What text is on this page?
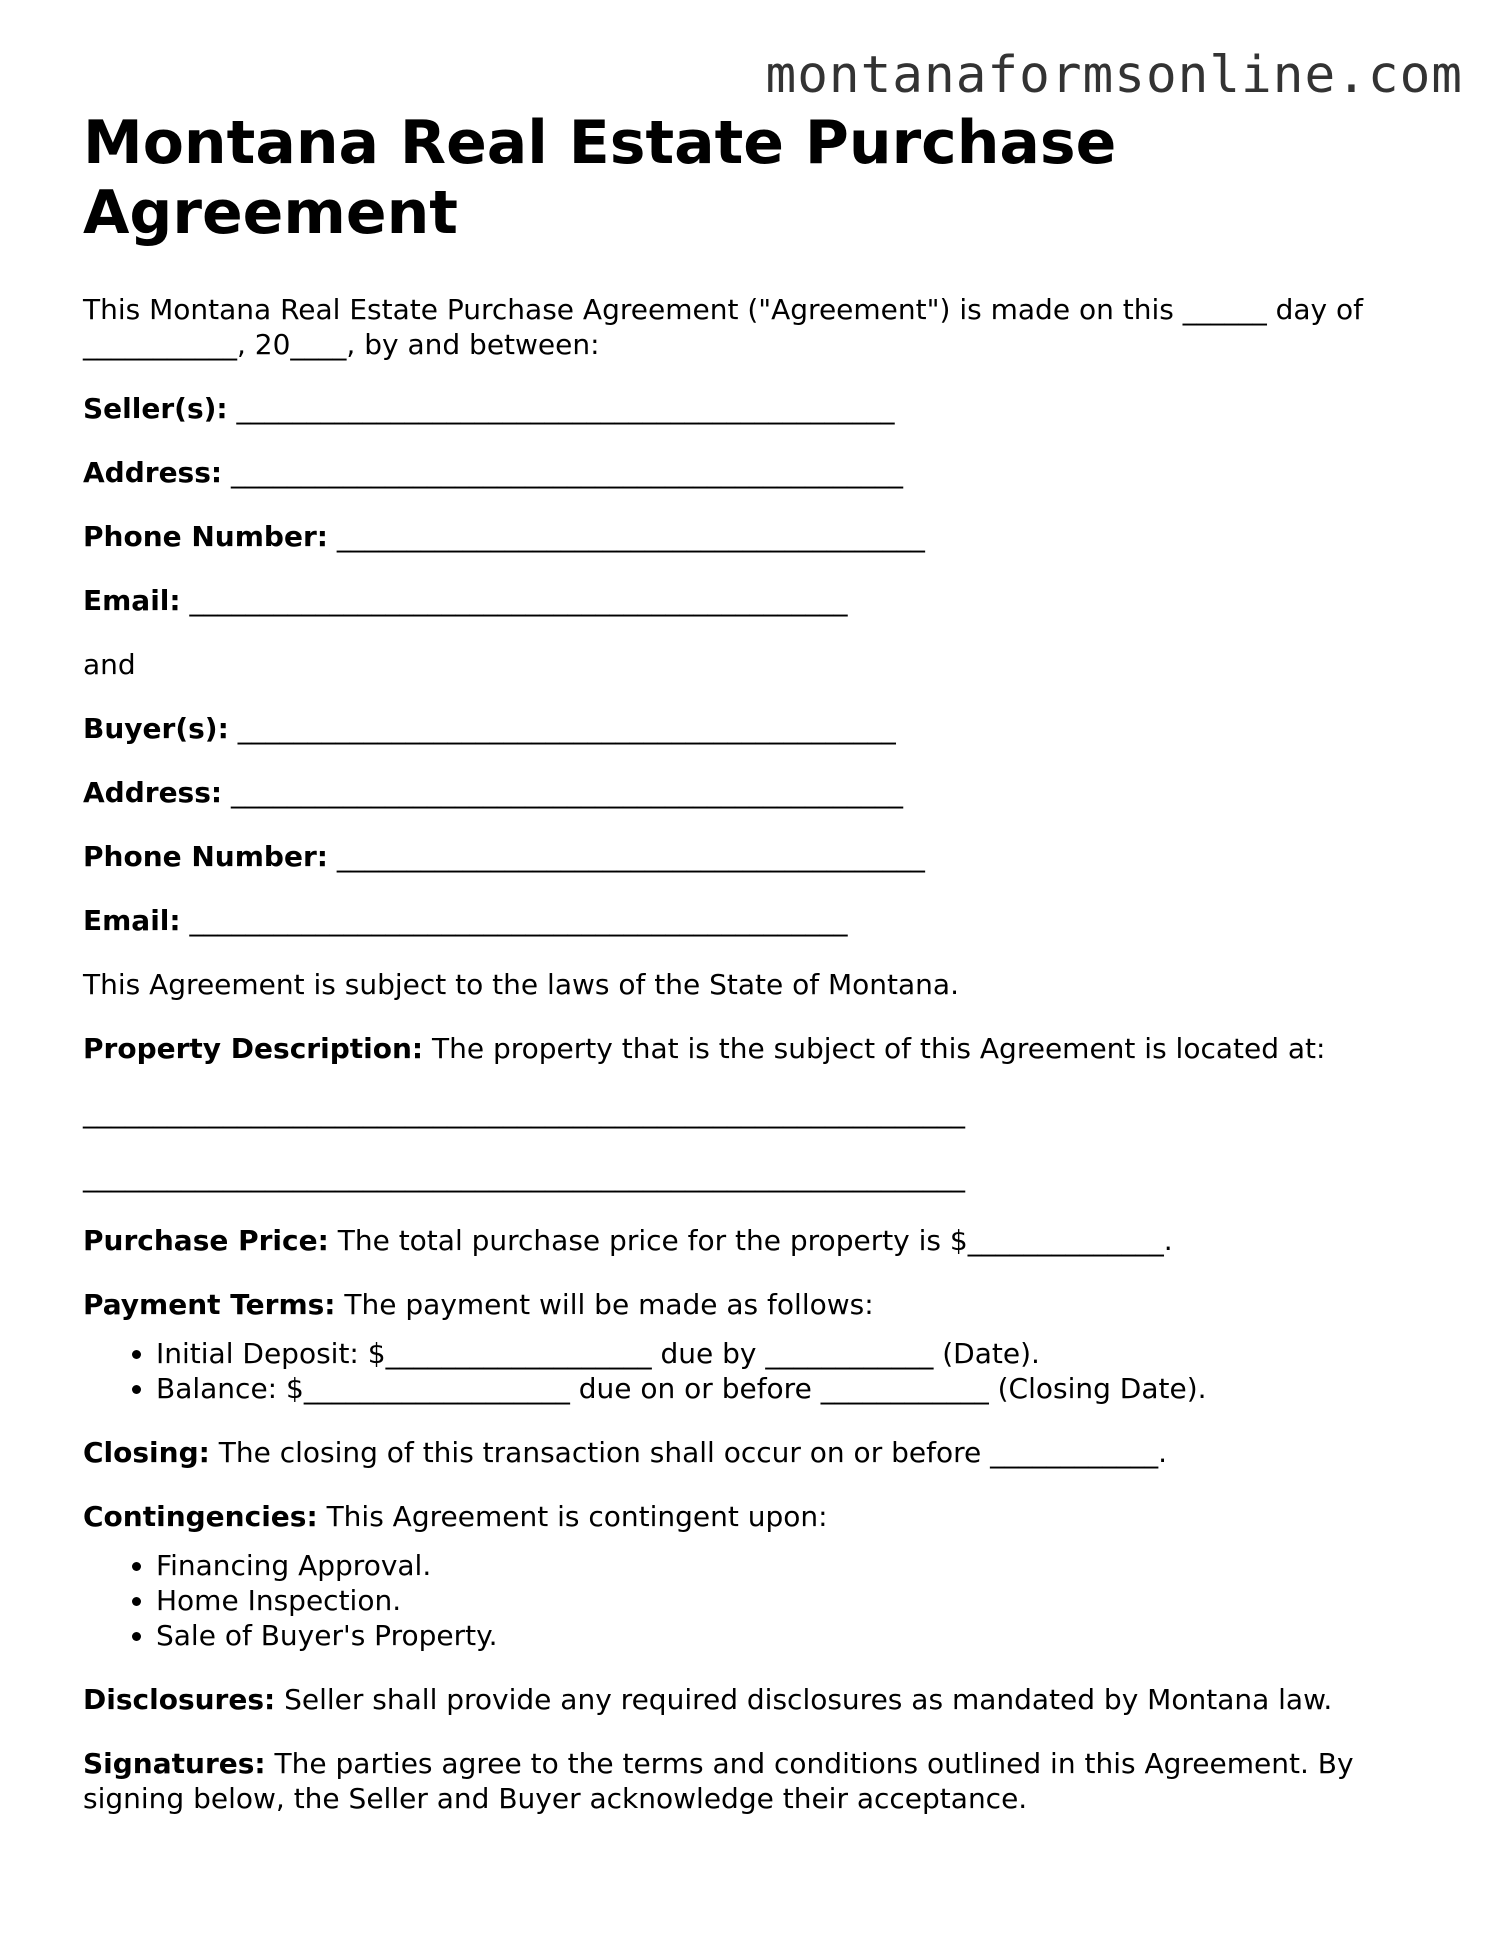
montanaformsonline.com
Montana Real Estate Purchase Agreement

This Montana Real Estate Purchase Agreement ("Agreement") is made on this ______ day of ___________, 20____, by and between:

Seller(s): _______________________________________________

Address: ________________________________________________

Phone Number: __________________________________________

Email: _______________________________________________

and

Buyer(s): _______________________________________________

Address: ________________________________________________

Phone Number: __________________________________________

Email: _______________________________________________

This Agreement is subject to the laws of the State of Montana.

Property Description: The property that is the subject of this Agreement is located at:

_______________________________________________________________
_______________________________________________________________

Purchase Price: The total purchase price for the property is $______________.

Payment Terms: The payment will be made as follows:

• Initial Deposit: $___________________ due by ____________ (Date).
• Balance: $___________________ due on or before ____________ (Closing Date).

Closing: The closing of this transaction shall occur on or before ____________.

Contingencies: This Agreement is contingent upon:

• Financing Approval.
• Home Inspection.
• Sale of Buyer's Property.

Disclosures: Seller shall provide any required disclosures as mandated by Montana law.

Signatures: The parties agree to the terms and conditions outlined in this Agreement. By signing below, the Seller and Buyer acknowledge their acceptance.
